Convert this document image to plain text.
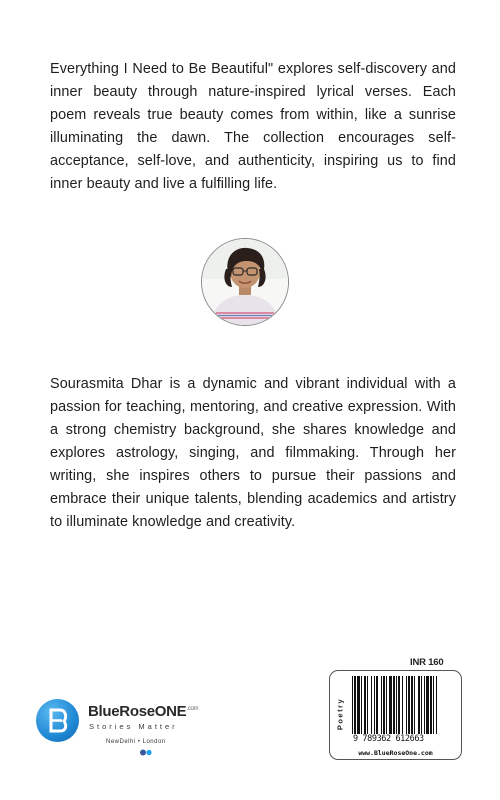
Everything I Need to Be Beautiful" explores self-discovery and inner beauty through nature-inspired lyrical verses. Each poem reveals true beauty comes from within, like a sunrise illuminating the dawn. The collection encourages self-acceptance, self-love, and authenticity, inspiring us to find inner beauty and live a fulfilling life.
Sourasmita Dhar is a dynamic and vibrant individual with a passion for teaching, mentoring, and creative expression. With a strong chemistry background, she shares knowledge and explores astrology, singing, and filmmaking. Through her writing, she inspires others to pursue their passions and embrace their unique talents, blending academics and artistry to illuminate knowledge and creativity.
BlueRoseONE$^{.com}$
Stories Matter
NewDelhi • London
INR 160
Poetry
9 789362 612663
www.BlueRoseOne.com
